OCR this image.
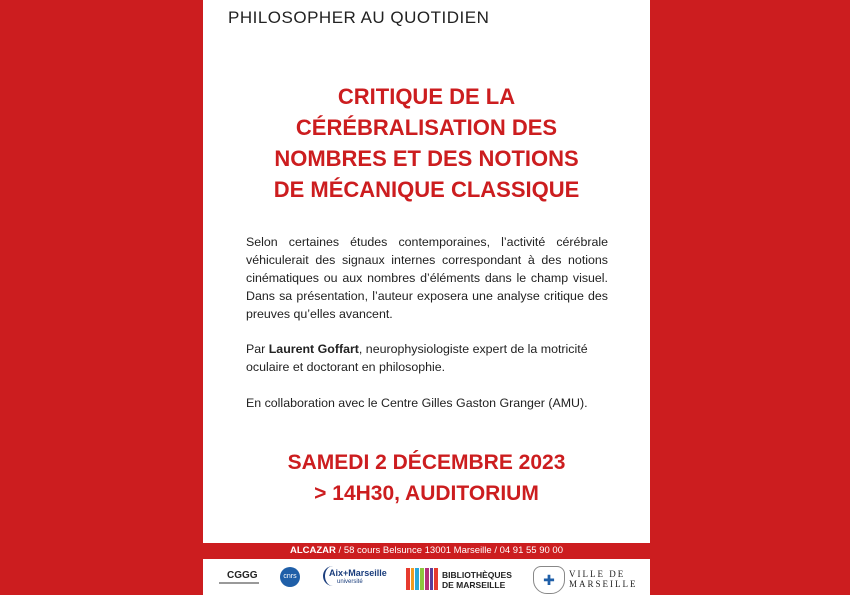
PHILOSOPHER AU QUOTIDIEN
CRITIQUE DE LA
CÉRÉBRALISATION DES
NOMBRES ET DES NOTIONS
DE MÉCANIQUE CLASSIQUE

Selon certaines études contemporaines, l’activité cérébrale véhiculerait des signaux internes correspondant à des notions cinématiques ou aux nombres d’éléments dans le champ visuel. Dans sa présentation, l’auteur exposera une analyse critique des preuves qu’elles avancent.

Par Laurent Goffart, neurophysiologiste expert de la motricité oculaire et doctorant en philosophie.
En collaboration avec le Centre Gilles Gaston Granger (AMU).
SAMEDI 2 DÉCEMBRE 2023
> 14H30, AUDITORIUM
ALCAZAR / 58 cours Belsunce 13001 Marseille / 04 91 55 90 00
CGGG	cnrs	Aix+Marseille
université
BIBLIOTHÈQUES
DE MARSEILLE	✚	VILLE DE
MARSEILLE
